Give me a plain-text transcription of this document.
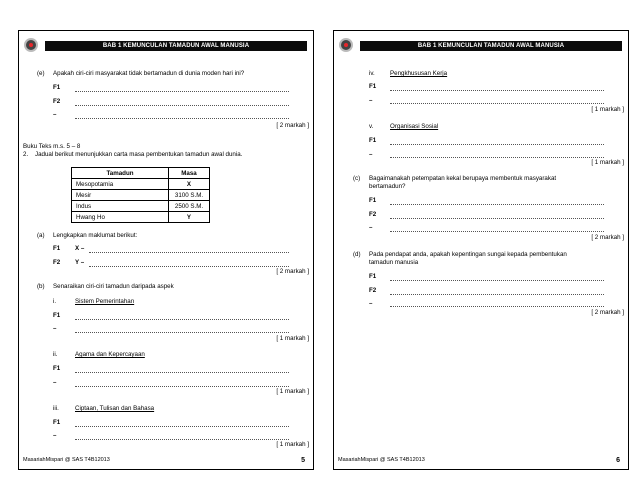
BAB 1 KEMUNCULAN TAMADUN AWAL MANUSIA
(e) Apakah ciri-ciri masyarakat tidak bertamadun di dunia moden hari ini?
F1
F2
–
[ 2 markah ]
Buku Teks m.s. 5 – 8
2. Jadual berikut menunjukkan carta masa pembentukan tamadun awal dunia.
Tamadun	Masa
Mesopotamia	X
Mesir	3100 S.M.
Indus	2500 S.M.
Hwang Ho	Y
(a) Lengkapkan maklumat berikut:
F1 X –
F2 Y –
[ 2 markah ]
(b) Senaraikan ciri-ciri tamadun daripada aspek
i.	Sistem Pemerintahan
F1
–
[ 1 markah ]
ii.	Agama dan Kepercayaan
F1
–
[ 1 markah ]
iii.	Ciptaan, Tulisan dan Bahasa
F1
–
[ 1 markah ]
MasariahMispari @ SAS T4B12013	5
BAB 1 KEMUNCULAN TAMADUN AWAL MANUSIA
iv. Pengkhususan Kerja
F1
–
[ 1 markah ]
v.	Organisasi Sosial
F1
–
[ 1 markah ]
(c) Bagaimanakah petempatan kekal berupaya membentuk masyarakat
bertamadun?
F1
F2
–
[ 2 markah ]
(d) Pada pendapat anda, apakah kepentingan sungai kepada pembentukan
tamadun manusia
F1
F2
–
[ 2 markah ]
MasariahMispari @ SAS T4B12013	6
